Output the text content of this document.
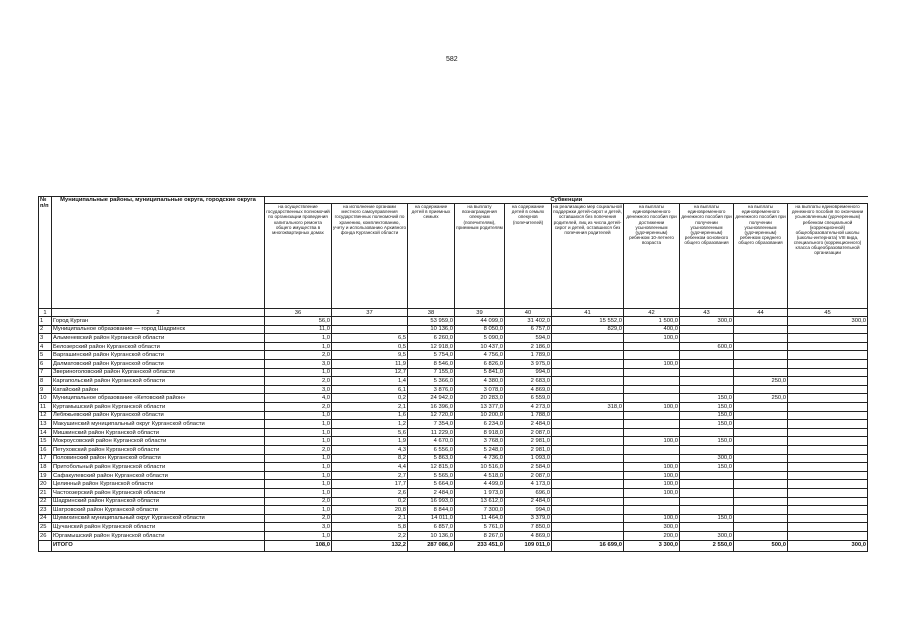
582
№
п/п	Муниципальные районы, муниципальные округа, городские округа	Субвенции									
		на осуществление государственных полномочий по организации проведения капитального ремонта общего имущества в многоквартирных домах	на исполнение органами местного самоуправления государственных полномочий по хранению, комплектованию, учету и использованию Архивного фонда Курганской области	на содержание детей в приемных семьях	на выплату вознаграждения опекунам (попечителям), приемным родителям	на содержание детей в семьях опекунов (попечителей)	на реализацию мер социальной поддержки детей-сирот и детей, оставшихся без попечения родителей, лиц из числа детей-сирот и детей, оставшихся без попечения родителей	на выплаты единовременного денежного пособия при достижении усыновленным (удочеренным) ребенком 10-летнего возраста	на выплаты единовременного денежного пособия при получении усыновленным (удочеренным) ребенком основного общего образования	на выплаты единовременного денежного пособия при получении усыновленным (удочеренным) ребенком среднего общего образования	на выплаты единовременного денежного пособия по окончании усыновленным (удочеренным) ребенком специальной (коррекционной) общеобразовательной школы (школы-интерната) VIII вида, специального (коррекционного) класса общеобразовательной организации
1	2	36	37	38	39	40	41	42	43	44	45
1	Город Курган	56,0		53 959,0	44 099,0	31 402,0	15 552,0	1 500,0	300,0		300,0
2	Муниципальное образование — город Шадринск	11,0		10 136,0	8 050,0	6 757,0	829,0	400,0			
3	Альменевский район Курганской области	1,0	6,5	6 260,0	5 090,0	594,0		100,0			
4	Белозерский район Курганской области	1,0	0,5	12 918,0	10 437,0	2 186,0			600,0		
5	Варгашинский район Курганской области	2,0	9,5	5 754,0	4 756,0	1 789,0					
6	Далматовский район Курганской области	3,0	11,9	8 546,0	6 826,0	3 975,0		100,0			
7	Звериноголовский район Курганской области	1,0	12,7	7 155,0	5 841,0	994,0					
8	Каргапольский район Курганской области	2,0	1,4	5 366,0	4 380,0	2 683,0				250,0	
9	Катайский район	3,0	6,1	3 876,0	3 078,0	4 869,0					
10	Муниципальное образование «Кетовский район»	4,0	0,2	24 942,0	20 283,0	6 559,0			150,0	250,0	
11	Куртамышский район Курганской области	2,0	2,1	16 396,0	13 377,0	4 273,0	318,0	100,0	150,0		
12	Лебяжьевский район Курганской области	1,0	1,6	12 720,0	10 200,0	1 788,0			150,0		
13	Макушинский муниципальный округ Курганской области	1,0	1,2	7 354,0	6 234,0	2 484,0			150,0		
14	Мишкинский район Курганской области	1,0	5,6	11 229,0	8 918,0	2 087,0					
15	Мокроусовский район Курганской области	1,0	1,9	4 670,0	3 768,0	2 981,0		100,0	150,0		
16	Петуховский район Курганской области	2,0	4,3	6 556,0	5 248,0	2 981,0					
17	Половинский район Курганской области	1,0	8,2	5 863,0	4 736,0	1 093,0			300,0		
18	Притобольный район Курганской области	1,0	4,4	12 815,0	10 516,0	2 584,0		100,0	150,0		
19	Сафакулевский район Курганской области	1,0	2,7	5 565,0	4 518,0	2 087,0		100,0			
20	Целинный район Курганской области	1,0	17,7	5 664,0	4 499,0	4 173,0		100,0			
21	Частоозерский район Курганской области	1,0	2,6	2 484,0	1 973,0	696,0		100,0			
22	Шадринский район Курганской области	2,0	0,2	16 993,0	13 612,0	2 484,0					
23	Шатровский район Курганской области	1,0	20,8	8 844,0	7 300,0	994,0					
24	Шумихинский муниципальный округ Курганской области	2,0	2,1	14 011,0	11 464,0	3 379,0		100,0	150,0		
25	Щучанский район Курганской области	3,0	5,8	6 857,0	5 761,0	7 850,0		300,0			
26	Юргамышский район Курганской области	1,0	2,2	10 136,0	8 267,0	4 869,0		200,0	300,0		
	ИТОГО	108,0	132,2	287 086,0	233 451,0	109 011,0	16 699,0	3 300,0	2 550,0	500,0	300,0
